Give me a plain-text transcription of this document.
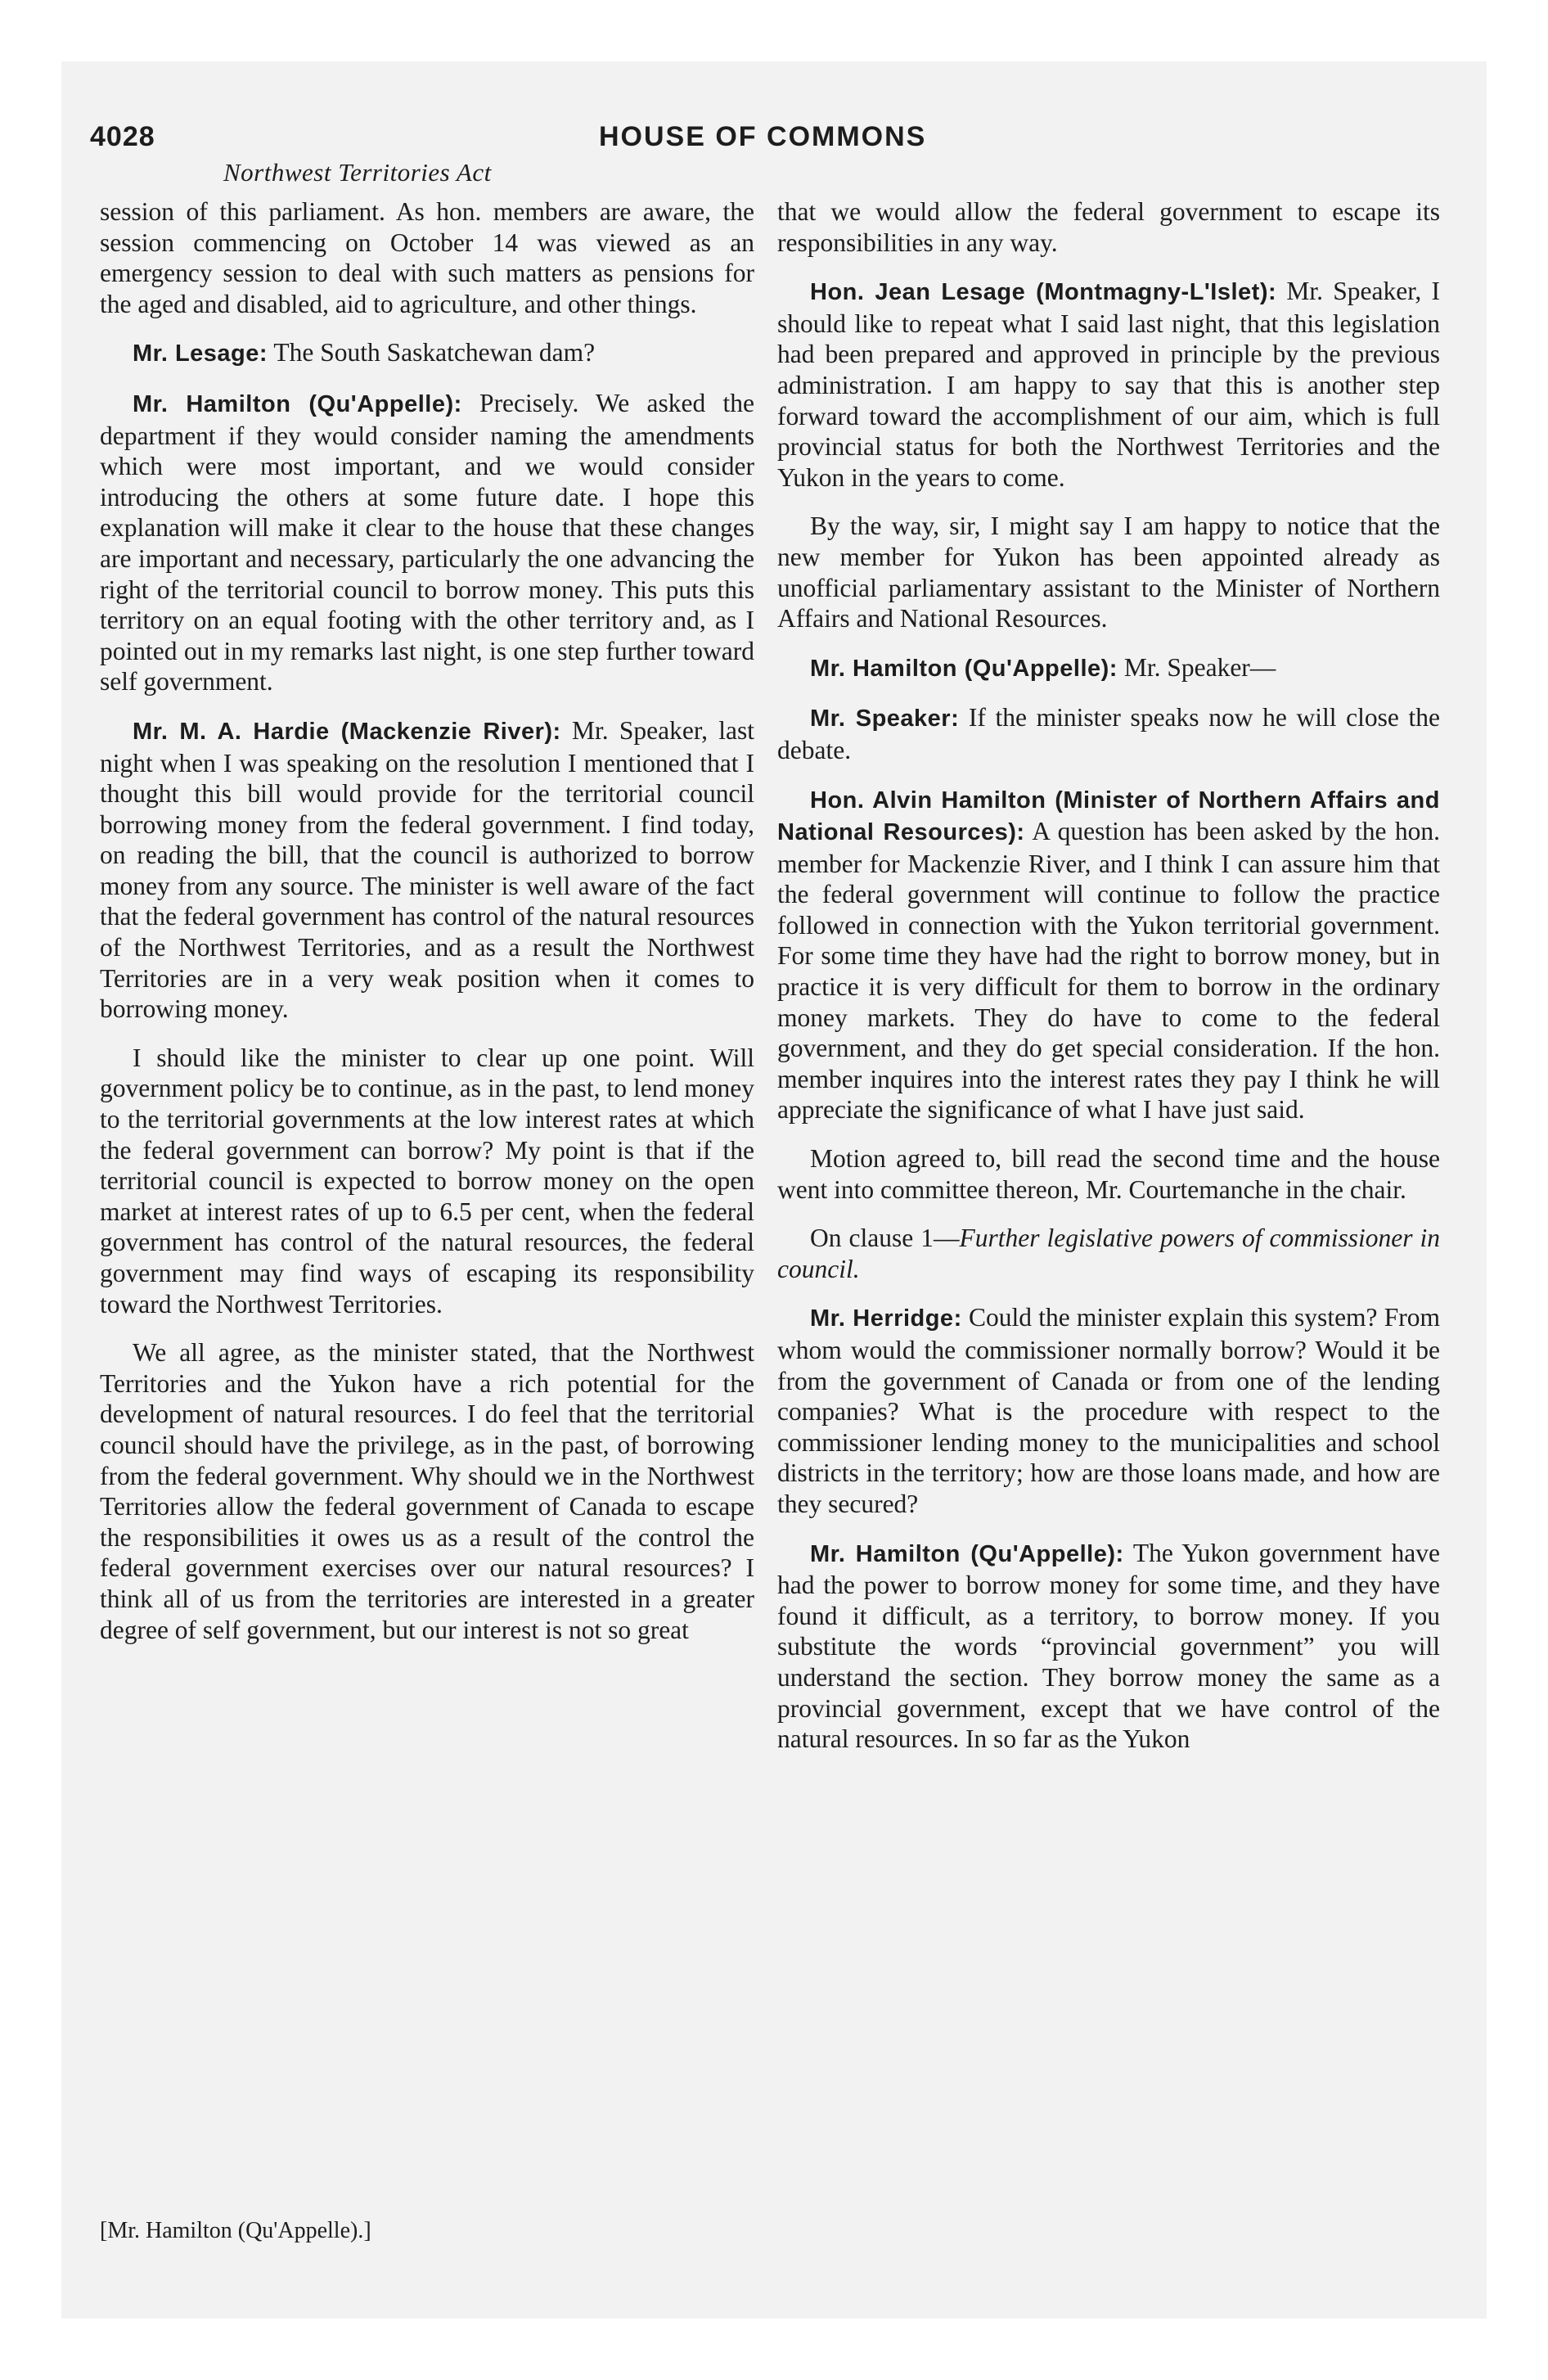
4028	HOUSE OF COMMONS
Northwest Territories Act

session of this parliament. As hon. members are aware, the session commencing on October 14 was viewed as an emergency session to deal with such matters as pensions for the aged and disabled, aid to agriculture, and other things.

Mr. Lesage: The South Saskatchewan dam?

Mr. Hamilton (Qu'Appelle): Precisely. We asked the department if they would consider naming the amendments which were most important, and we would consider introducing the others at some future date. I hope this explanation will make it clear to the house that these changes are important and necessary, particularly the one advancing the right of the territorial council to borrow money. This puts this territory on an equal footing with the other territory and, as I pointed out in my remarks last night, is one step further toward self government.

Mr. M. A. Hardie (Mackenzie River): Mr. Speaker, last night when I was speaking on the resolution I mentioned that I thought this bill would provide for the territorial council borrowing money from the federal government. I find today, on reading the bill, that the council is authorized to borrow money from any source. The minister is well aware of the fact that the federal government has control of the natural resources of the Northwest Territories, and as a result the Northwest Territories are in a very weak position when it comes to borrowing money.

I should like the minister to clear up one point. Will government policy be to continue, as in the past, to lend money to the territorial governments at the low interest rates at which the federal government can borrow? My point is that if the territorial council is expected to borrow money on the open market at interest rates of up to 6.5 per cent, when the federal government has control of the natural resources, the federal government may find ways of escaping its responsibility toward the Northwest Territories.

We all agree, as the minister stated, that the Northwest Territories and the Yukon have a rich potential for the development of natural resources. I do feel that the territorial council should have the privilege, as in the past, of borrowing from the federal government. Why should we in the Northwest Territories allow the federal government of Canada to escape the responsibilities it owes us as a result of the control the federal government exercises over our natural resources? I think all of us from the territories are interested in a greater degree of self government, but our interest is not so great

that we would allow the federal government to escape its responsibilities in any way.

Hon. Jean Lesage (Montmagny-L'Islet): Mr. Speaker, I should like to repeat what I said last night, that this legislation had been prepared and approved in principle by the previous administration. I am happy to say that this is another step forward toward the accomplishment of our aim, which is full provincial status for both the Northwest Territories and the Yukon in the years to come.

By the way, sir, I might say I am happy to notice that the new member for Yukon has been appointed already as unofficial parliamentary assistant to the Minister of Northern Affairs and National Resources.

Mr. Hamilton (Qu'Appelle): Mr. Speaker—

Mr. Speaker: If the minister speaks now he will close the debate.

Hon. Alvin Hamilton (Minister of Northern Affairs and National Resources): A question has been asked by the hon. member for Mackenzie River, and I think I can assure him that the federal government will continue to follow the practice followed in connection with the Yukon territorial government. For some time they have had the right to borrow money, but in practice it is very difficult for them to borrow in the ordinary money markets. They do have to come to the federal government, and they do get special consideration. If the hon. member inquires into the interest rates they pay I think he will appreciate the significance of what I have just said.

Motion agreed to, bill read the second time and the house went into committee thereon, Mr. Courtemanche in the chair.

On clause 1—Further legislative powers of commissioner in council.

Mr. Herridge: Could the minister explain this system? From whom would the commissioner normally borrow? Would it be from the government of Canada or from one of the lending companies? What is the procedure with respect to the commissioner lending money to the municipalities and school districts in the territory; how are those loans made, and how are they secured?

Mr. Hamilton (Qu'Appelle): The Yukon government have had the power to borrow money for some time, and they have found it difficult, as a territory, to borrow money. If you substitute the words “provincial government” you will understand the section. They borrow money the same as a provincial government, except that we have control of the natural resources. In so far as the Yukon

[Mr. Hamilton (Qu'Appelle).]
